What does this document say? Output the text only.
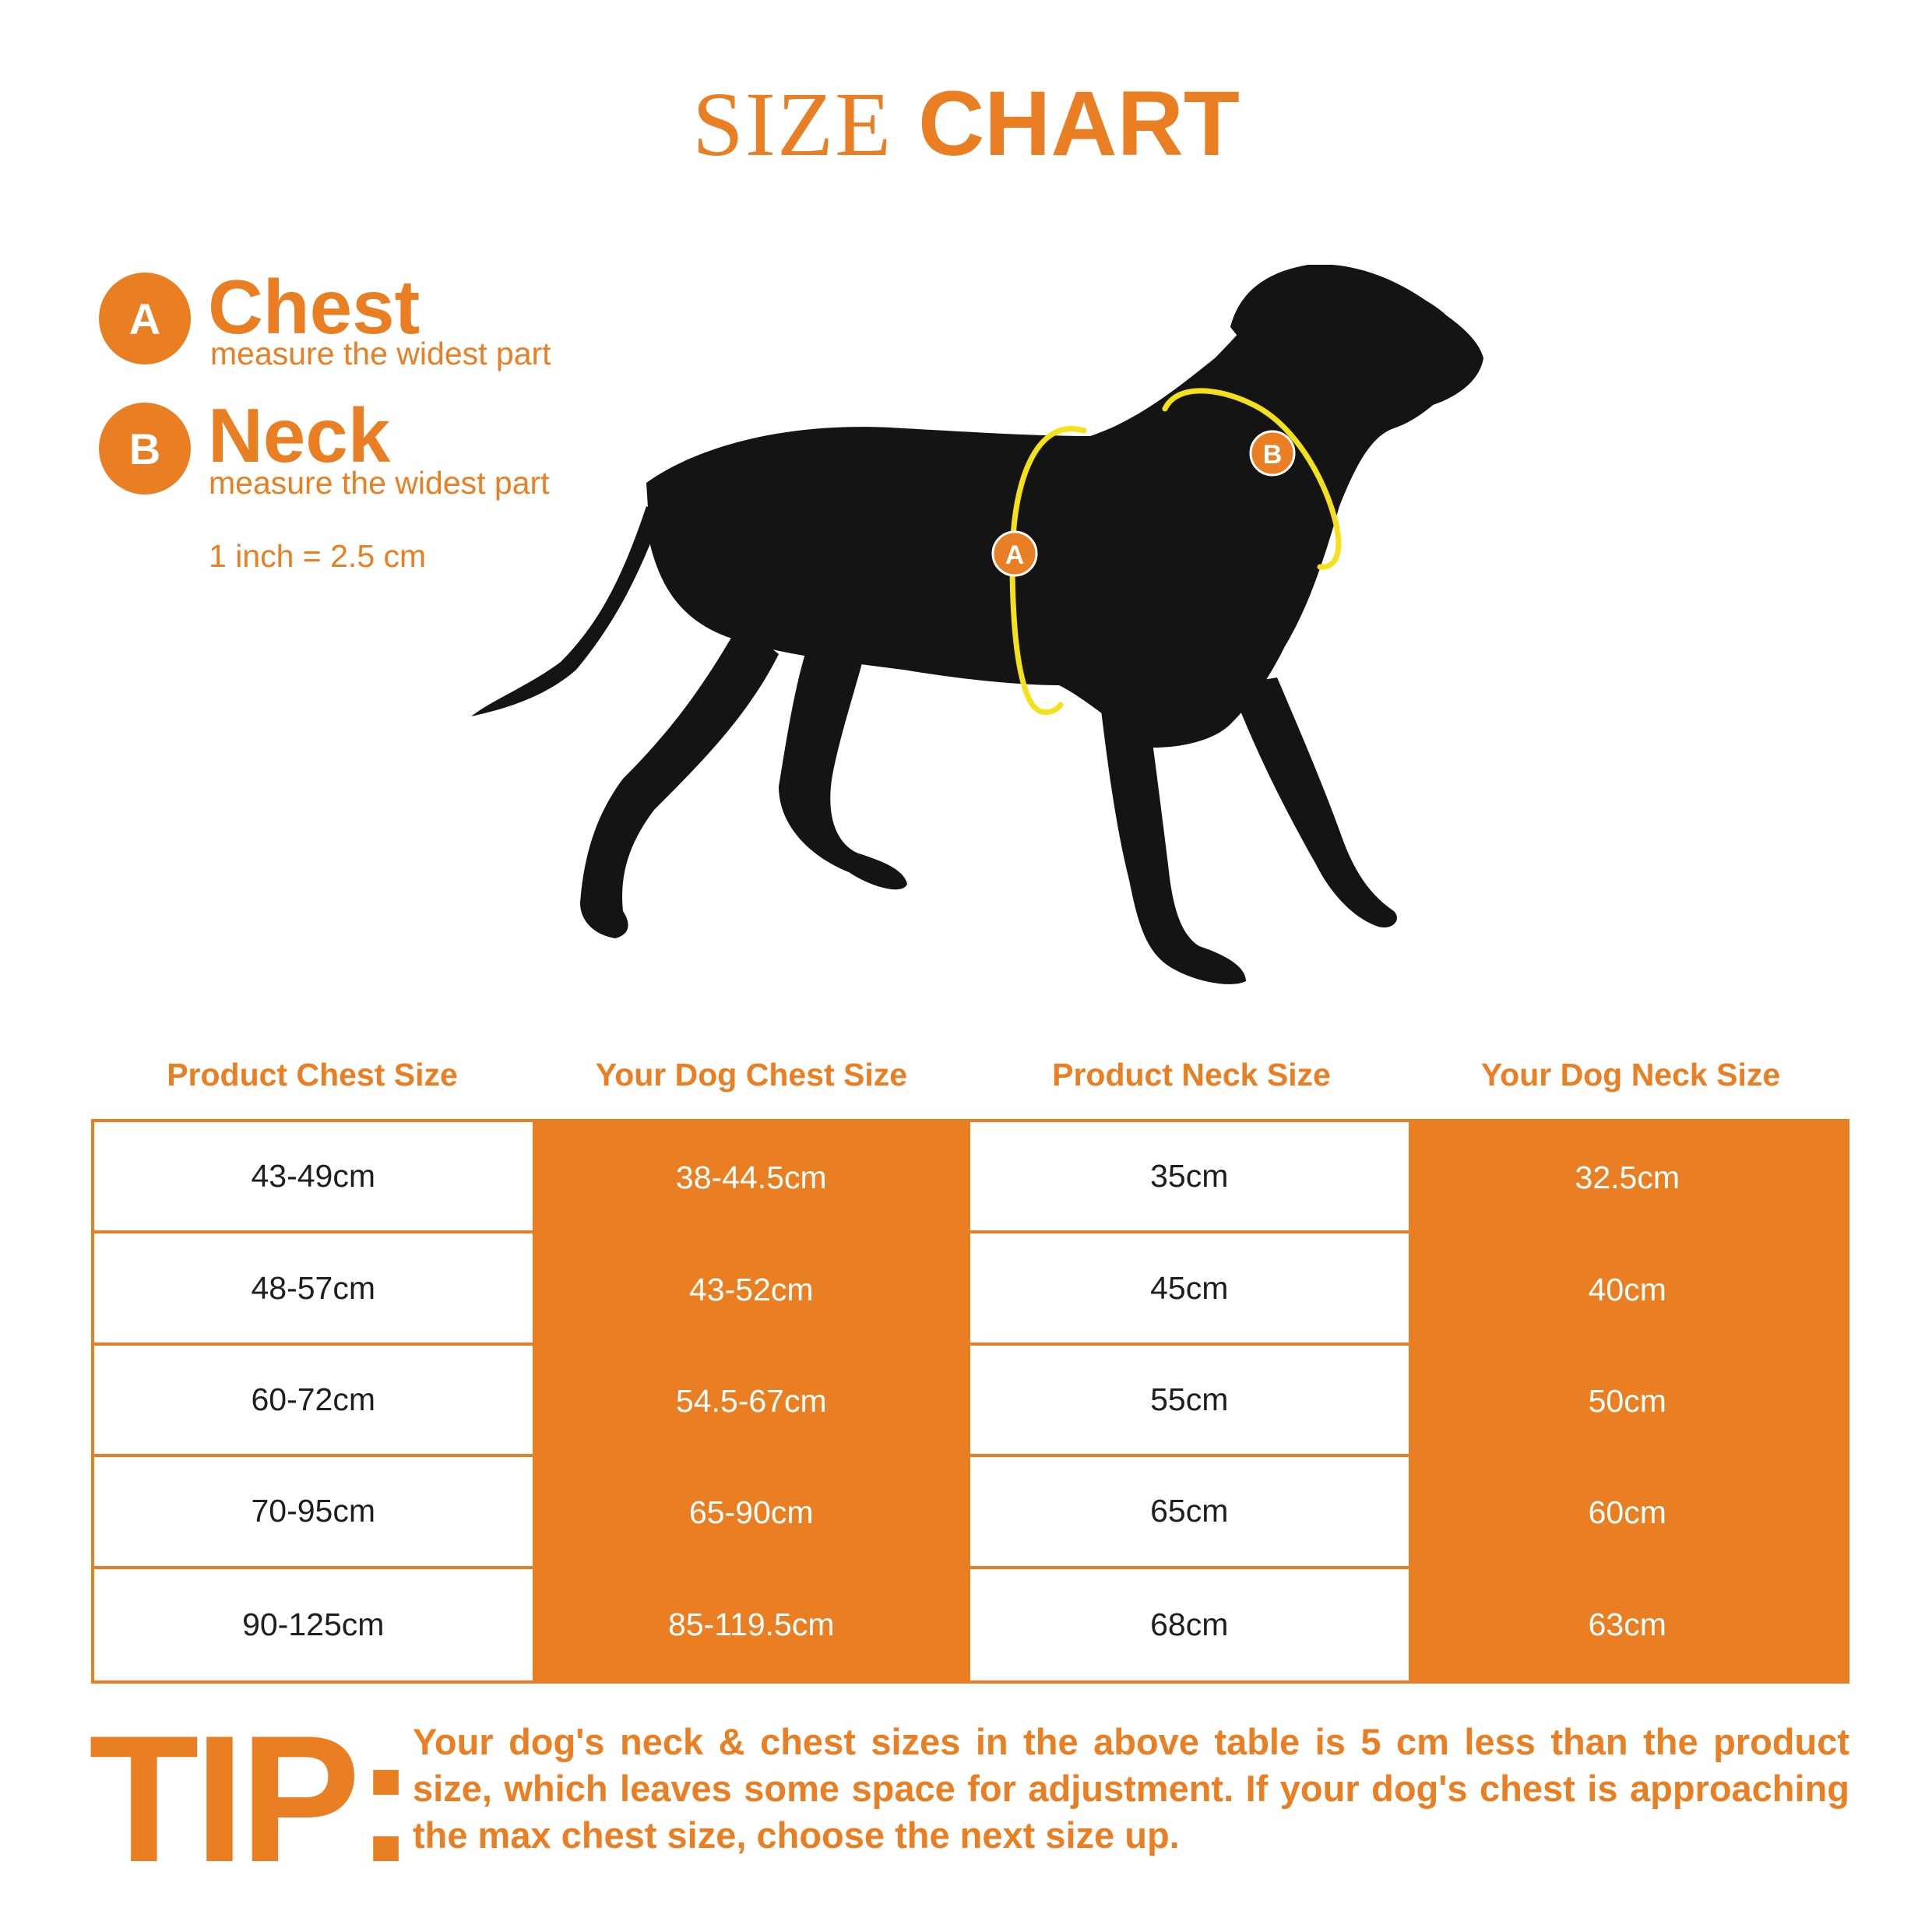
SIZE CHART
A Chest
measure the widest part
B Neck
measure the widest part
1 inch = 2.5 cm	A
B
Product Chest Size	Your Dog Chest Size	Product Neck Size	Your Dog Neck Size
43-49cm	38-44.5cm	35cm	32.5cm
48-57cm	43-52cm	45cm	40cm
60-72cm	54.5-67cm	55cm	50cm
70-95cm	65-90cm	65cm	60cm
90-125cm	85-119.5cm	68cm	63cm
TIP: Your dog's neck & chest sizes in the above table is 5 cm less than the product size, which leaves some space for adjustment. If your dog's chest is approaching the max chest size, choose the next size up.
